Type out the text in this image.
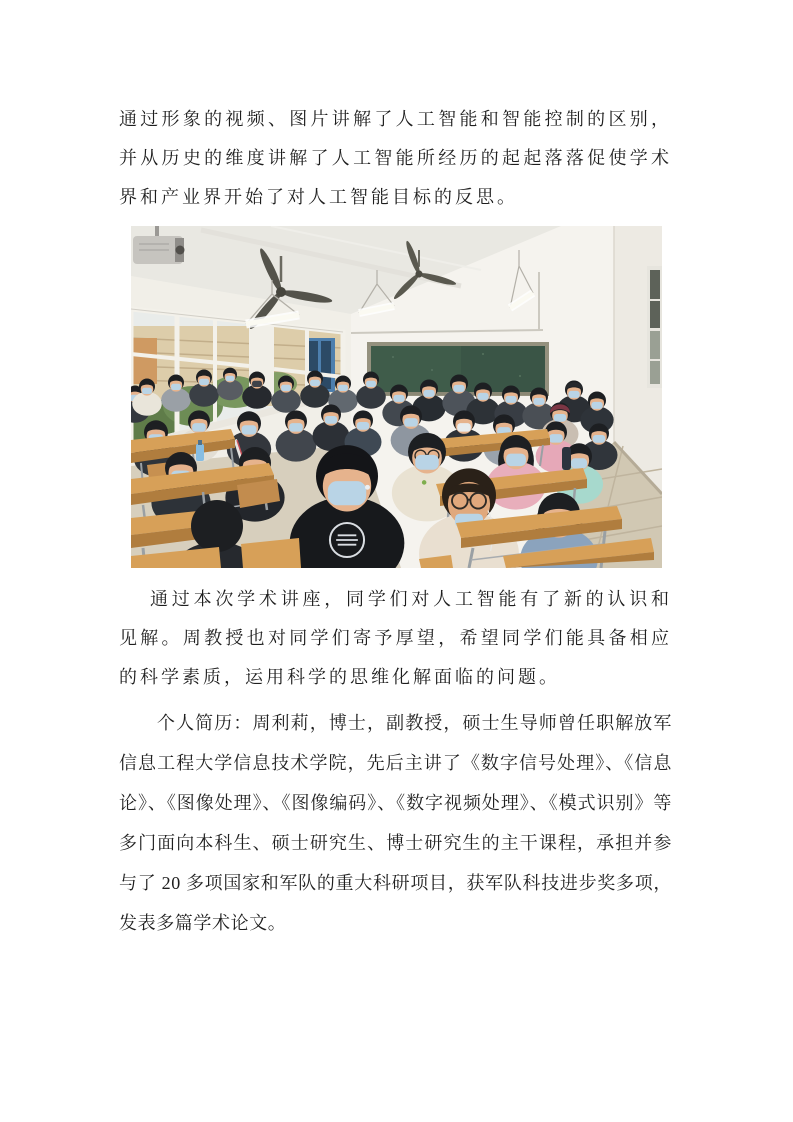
通过形象的视频、图片讲解了人工智能和智能控制的区别，并从历史的维度讲解了人工智能所经历的起起落落促使学术界和产业界开始了对人工智能目标的反思。

通过本次学术讲座，同学们对人工智能有了新的认识和见解。周教授也对同学们寄予厚望，希望同学们能具备相应的科学素质，运用科学的思维化解面临的问题。

个人简历：周利莉，博士，副教授，硕士生导师曾任职解放军信息工程大学信息技术学院，先后主讲了《数字信号处理》、《信息论》、《图像处理》、《图像编码》、《数字视频处理》、《模式识别》等多门面向本科生、硕士研究生、博士研究生的主干课程，承担并参与了 20 多项国家和军队的重大科研项目，获军队科技进步奖多项，发表多篇学术论文。
